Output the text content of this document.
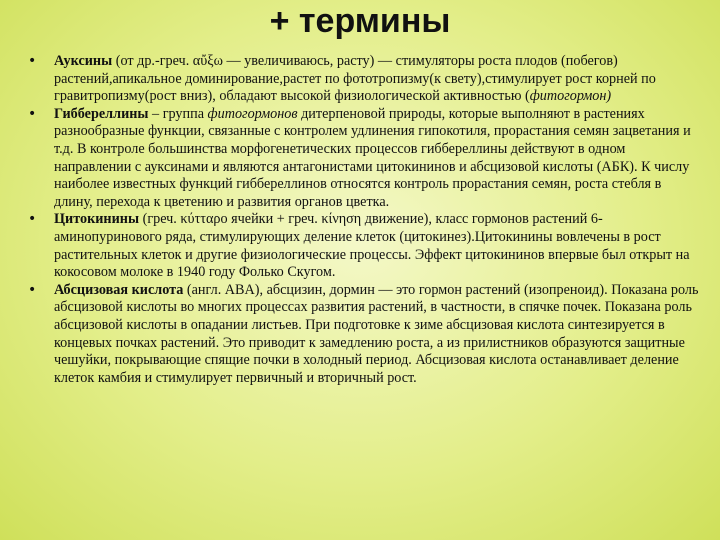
+ термины
• Ауксины (от др.-греч. αὔξω — увеличиваюсь, расту) — стимуляторы роста плодов (побегов) растений,апикальное доминирование,растет по фототропизму(к свету),стимулирует рост корней по гравитропизму(рост вниз), обладают высокой физиологической активностью (фитогормон)
• Гиббереллины – группа фитогормонов дитерпеновой природы, которые выполняют в растениях разнообразные функции, связанные с контролем удлинения гипокотиля, прорастания семян зацветания и т.д. В контроле большинства морфогенетических процессов гиббереллины действуют в одном направлении с ауксинами и являются антагонистами цитокининов и абсцизовой кислоты (АБК). К числу наиболее известных функций гиббереллинов относятся контроль прорастания семян, роста стебля в длину, перехода к цветению и развития органов цветка.
• Цитокинины (греч. κύτταρο ячейки + греч. κίνηση движение), класс гормонов растений 6-аминопуринового ряда, стимулирующих деление клеток (цитокинез).Цитокинины вовлечены в рост растительных клеток и другие физиологические процессы. Эффект цитокининов впервые был открыт на кокосовом молоке в 1940 году Фолько Скугом.
• Абсцизовая кислота (англ. ABA), абсцизин, дормин — это гормон растений (изопреноид). Показана роль абсцизовой кислоты во многих процессах развития растений, в частности, в спячке почек. Показана роль абсцизовой кислоты в опадании листьев. При подготовке к зиме абсцизовая кислота синтезируется в концевых почках растений. Это приводит к замедлению роста, а из прилистников образуются защитные чешуйки, покрывающие спящие почки в холодный период. Абсцизовая кислота останавливает деление клеток камбия и стимулирует первичный и вторичный рост.
